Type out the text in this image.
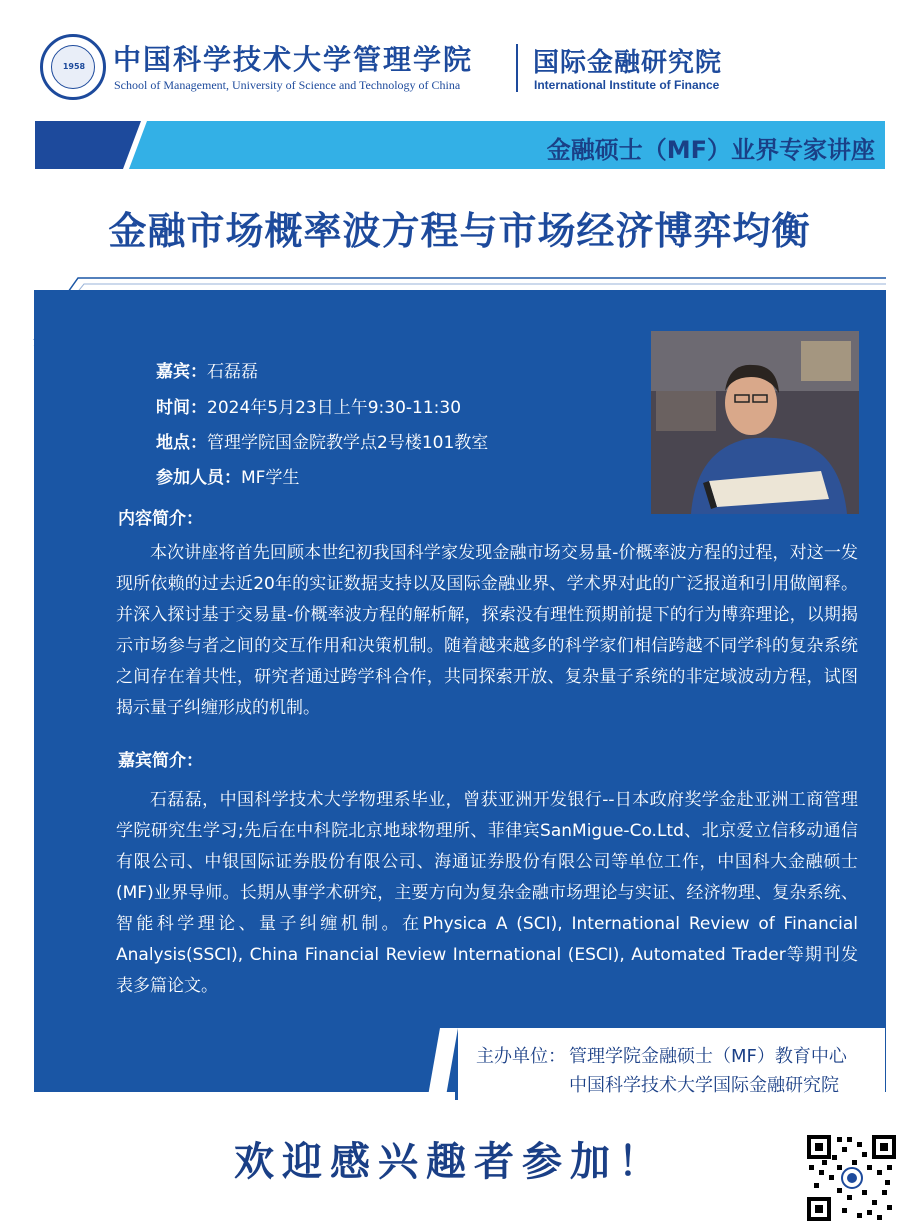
1958 中国科学技术大学管理学院
School of Management, University of Science and Technology of China
国际金融研究院
International Institute of Finance
金融硕士（MF）业界专家讲座
金融市场概率波方程与市场经济博弈均衡
嘉宾：石磊磊
时间：2024年5月23日上午9:30-11:30
地点：管理学院国金院教学点2号楼101教室
参加人员：MF学生
内容简介：
本次讲座将首先回顾本世纪初我国科学家发现金融市场交易量-价概率波方程的过程，对这一发现所依赖的过去近20年的实证数据支持以及国际金融业界、学术界对此的广泛报道和引用做阐释。并深入探讨基于交易量-价概率波方程的解析解，探索没有理性预期前提下的行为博弈理论，以期揭示市场参与者之间的交互作用和决策机制。随着越来越多的科学家们相信跨越不同学科的复杂系统之间存在着共性，研究者通过跨学科合作，共同探索开放、复杂量子系统的非定域波动方程，试图揭示量子纠缠形成的机制。
嘉宾简介：
石磊磊，中国科学技术大学物理系毕业，曾获亚洲开发银行--日本政府奖学金赴亚洲工商管理学院研究生学习;先后在中科院北京地球物理所、菲律宾SanMigue-Co.Ltd、北京爱立信移动通信有限公司、中银国际证券股份有限公司、海通证券股份有限公司等单位工作，中国科大金融硕士(MF)业界导师。长期从事学术研究，主要方向为复杂金融市场理论与实证、经济物理、复杂系统、智能科学理论、量子纠缠机制。在Physica A (SCI), International Review of Financial Analysis(SSCI), China Financial Review International (ESCI), Automated Trader等期刊发表多篇论文。
主办单位： 管理学院金融硕士（MF）教育中心
中国科学技术大学国际金融研究院
欢迎感兴趣者参加！
